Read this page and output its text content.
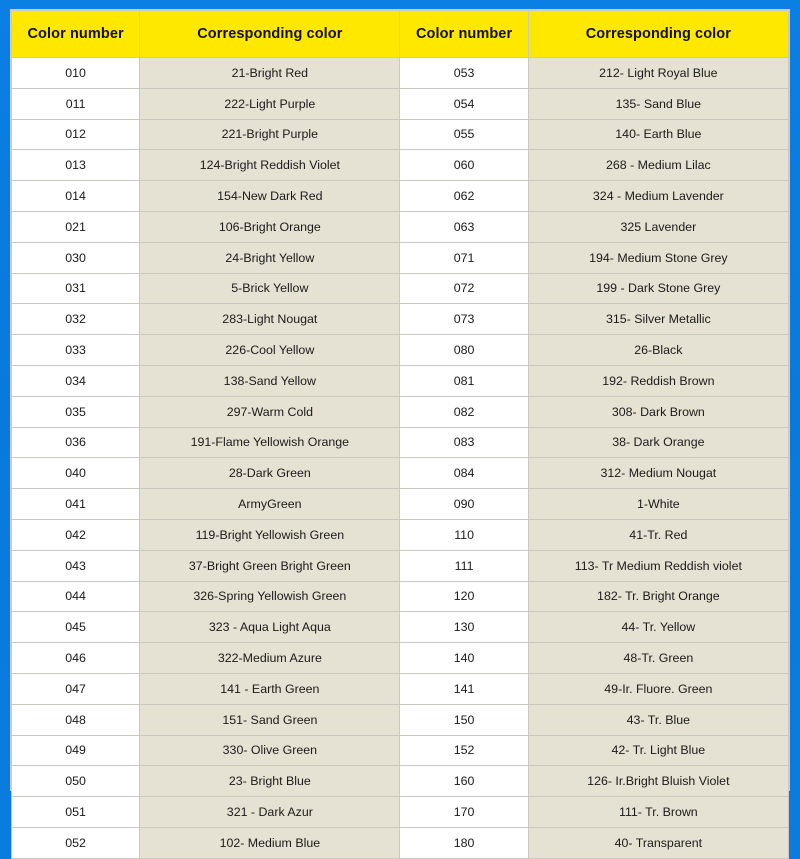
Color number	Corresponding color	Color number	Corresponding color
010	21-Bright Red	053	212- Light Royal Blue
011	222-Light Purple	054	135- Sand Blue
012	221-Bright Purple	055	140- Earth Blue
013	124-Bright Reddish Violet	060	268 - Medium Lilac
014	154-New Dark Red	062	324 - Medium Lavender
021	106-Bright Orange	063	325 Lavender
030	24-Bright Yellow	071	194- Medium Stone Grey
031	5-Brick Yellow	072	199 - Dark Stone Grey
032	283-Light Nougat	073	315- Silver Metallic
033	226-Cool Yellow	080	26-Black
034	138-Sand Yellow	081	192- Reddish Brown
035	297-Warm Cold	082	308- Dark Brown
036	191-Flame Yellowish Orange	083	38- Dark Orange
040	28-Dark Green	084	312- Medium Nougat
041	ArmyGreen	090	1-White
042	119-Bright Yellowish Green	110	41-Tr. Red
043	37-Bright Green Bright Green	111	113- Tr Medium Reddish violet
044	326-Spring Yellowish Green	120	182- Tr. Bright Orange
045	323 - Aqua Light Aqua	130	44- Tr. Yellow
046	322-Medium Azure	140	48-Tr. Green
047	141 - Earth Green	141	49-Ir. Fluore. Green
048	151- Sand Green	150	43- Tr. Blue
049	330- Olive Green	152	42- Tr. Light Blue
050	23- Bright Blue	160	126- Ir.Bright Bluish Violet
051	321 - Dark Azur	170	111- Tr. Brown
052	102- Medium Blue	180	40- Transparent
